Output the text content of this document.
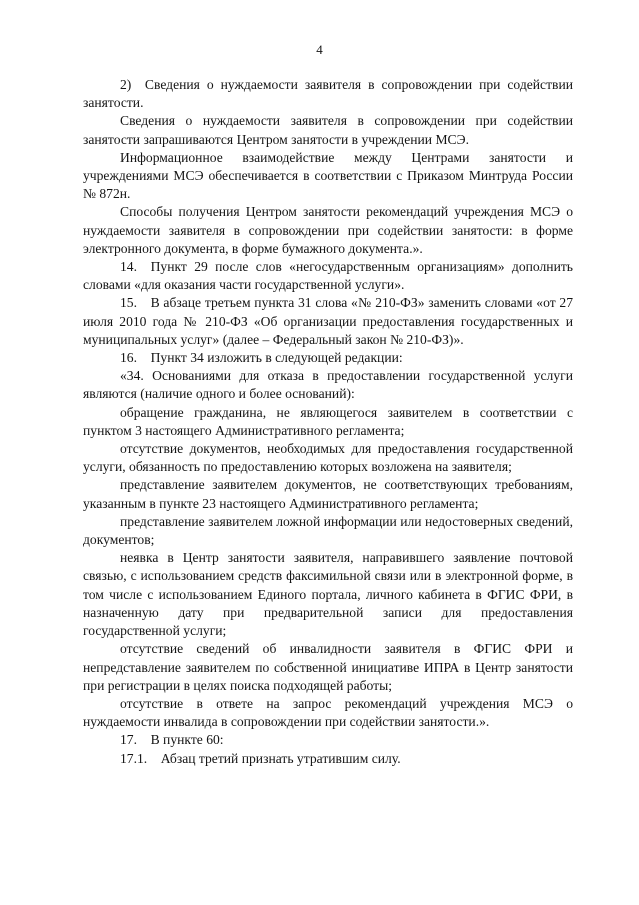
4

2) Сведения о нуждаемости заявителя в сопровождении при содействии занятости.

Сведения о нуждаемости заявителя в сопровождении при содействии занятости запрашиваются Центром занятости в учреждении МСЭ.

Информационное взаимодействие между Центрами занятости и учреждениями МСЭ обеспечивается в соответствии с Приказом Минтруда России № 872н.

Способы получения Центром занятости рекомендаций учреждения МСЭ о нуждаемости заявителя в сопровождении при содействии занятости: в форме электронного документа, в форме бумажного документа.».

14. Пункт 29 после слов «негосударственным организациям» дополнить словами «для оказания части государственной услуги».

15. В абзаце третьем пункта 31 слова «№ 210-ФЗ» заменить словами «от 27 июля 2010 года № 210-ФЗ «Об организации предоставления государственных и муниципальных услуг» (далее – Федеральный закон № 210-ФЗ)».

16. Пункт 34 изложить в следующей редакции:

«34. Основаниями для отказа в предоставлении государственной услуги являются (наличие одного и более оснований):

обращение гражданина, не являющегося заявителем в соответствии с пунктом 3 настоящего Административного регламента;

отсутствие документов, необходимых для предоставления государственной услуги, обязанность по предоставлению которых возложена на заявителя;

представление заявителем документов, не соответствующих требованиям, указанным в пункте 23 настоящего Административного регламента;

представление заявителем ложной информации или недостоверных сведений, документов;

неявка в Центр занятости заявителя, направившего заявление почтовой связью, с использованием средств факсимильной связи или в электронной форме, в том числе с использованием Единого портала, личного кабинета в ФГИС ФРИ, в назначенную дату при предварительной записи для предоставления государственной услуги;

отсутствие сведений об инвалидности заявителя в ФГИС ФРИ и непредставление заявителем по собственной инициативе ИПРА в Центр занятости при регистрации в целях поиска подходящей работы;

отсутствие в ответе на запрос рекомендаций учреждения МСЭ о нуждаемости инвалида в сопровождении при содействии занятости.».

17. В пункте 60:

17.1. Абзац третий признать утратившим силу.
